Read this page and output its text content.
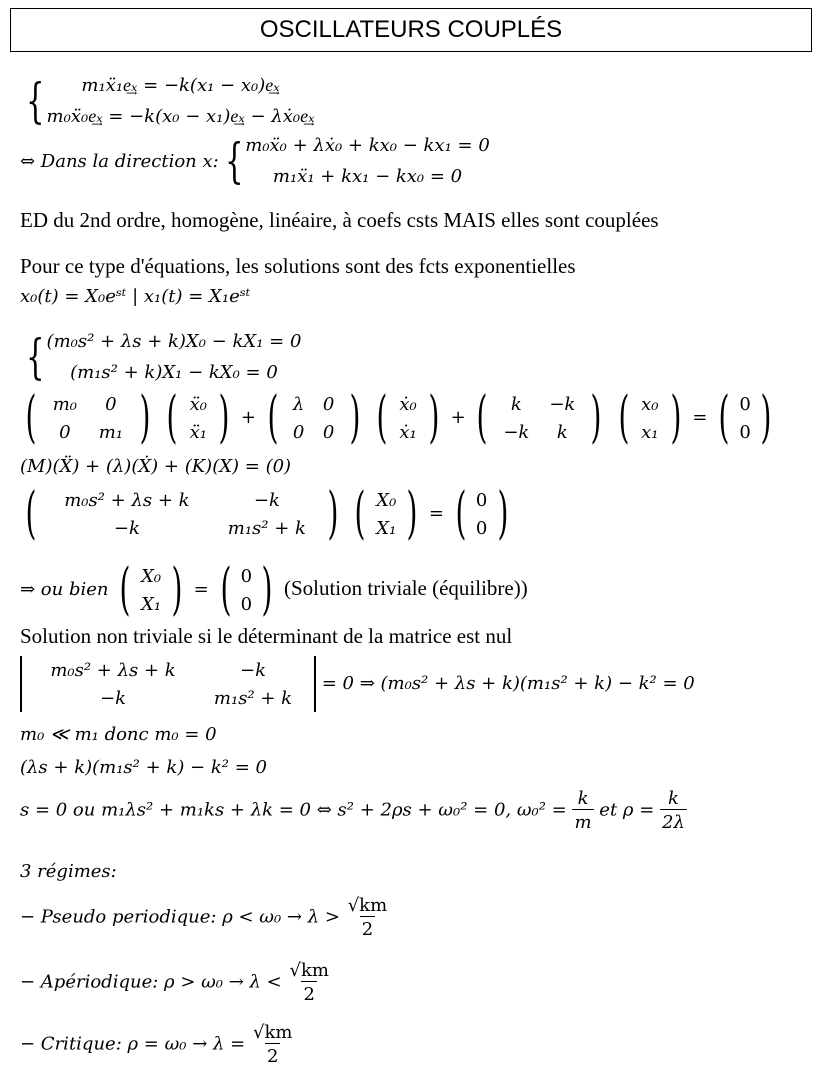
OSCILLATEURS COUPLÉS
{	m₁ẍ₁e͢ₓ = −k(x₁ − x₀)e͢ₓ
m₀ẍ₀e͢ₓ = −k(x₀ − x₁)e͢ₓ − λẋ₀e͢ₓ
⇔ Dans la direction x: { m₀ẍ₀ + λẋ₀ + kx₀ − kx₁ = 0
m₁ẍ₁ + kx₁ − kx₀ = 0
ED du 2nd ordre, homogène, linéaire, à coefs csts MAIS elles sont couplées
Pour ce type d'équations, les solutions sont des fcts exponentielles
x₀(t) = X₀eˢᵗ | x₁(t) = X₁eˢᵗ
{ (m₀s² + λs + k)X₀ − kX₁ = 0
(m₁s² + k)X₁ − kX₀ = 0
( m₀	0
0	m₁ )
( ẍ₀
ẍ₁ ) + ( λ	0
0	0 )
( ẋ₀
ẋ₁ ) + (	k	−k
−k	k )
( x₀
x₁ ) = ( 0
0 )
(M)(Ẍ) + (λ)(Ẋ) + (K)(X) = (0)
(	m₀s² + λs + k	−k
−k	m₁s² + k )
( X₀
X₁ ) = ( 0
0 )
⇒ ou bien ( X₀
X₁ ) = ( 0
0 ) (Solution triviale (équilibre))
Solution non triviale si le déterminant de la matrice est nul
m₀s² + λs + k	−k
−k	m₁s² + k
= 0 ⇒ (m₀s² + λs + k)(m₁s² + k) − k² = 0
m₀ ≪ m₁ donc m₀ = 0
(λs + k)(m₁s² + k) − k² = 0
s = 0 ou m₁λs² + m₁ks + λk = 0 ⇔ s² + 2ρs + ω₀² = 0, $\omega_0^2 = \frac{k}{m}$ et $\rho = \frac{k}{2\lambda}$
3 régimes:
− Pseudo periodique: $\rho < \omega_0 \to \lambda > \frac{√km}{2}$
− Apériodique: $\rho > \omega_0 \to \lambda < \frac{√km}{2}$
− Critique: $\rho = \omega_0 \to \lambda = \frac{√km}{2}$
